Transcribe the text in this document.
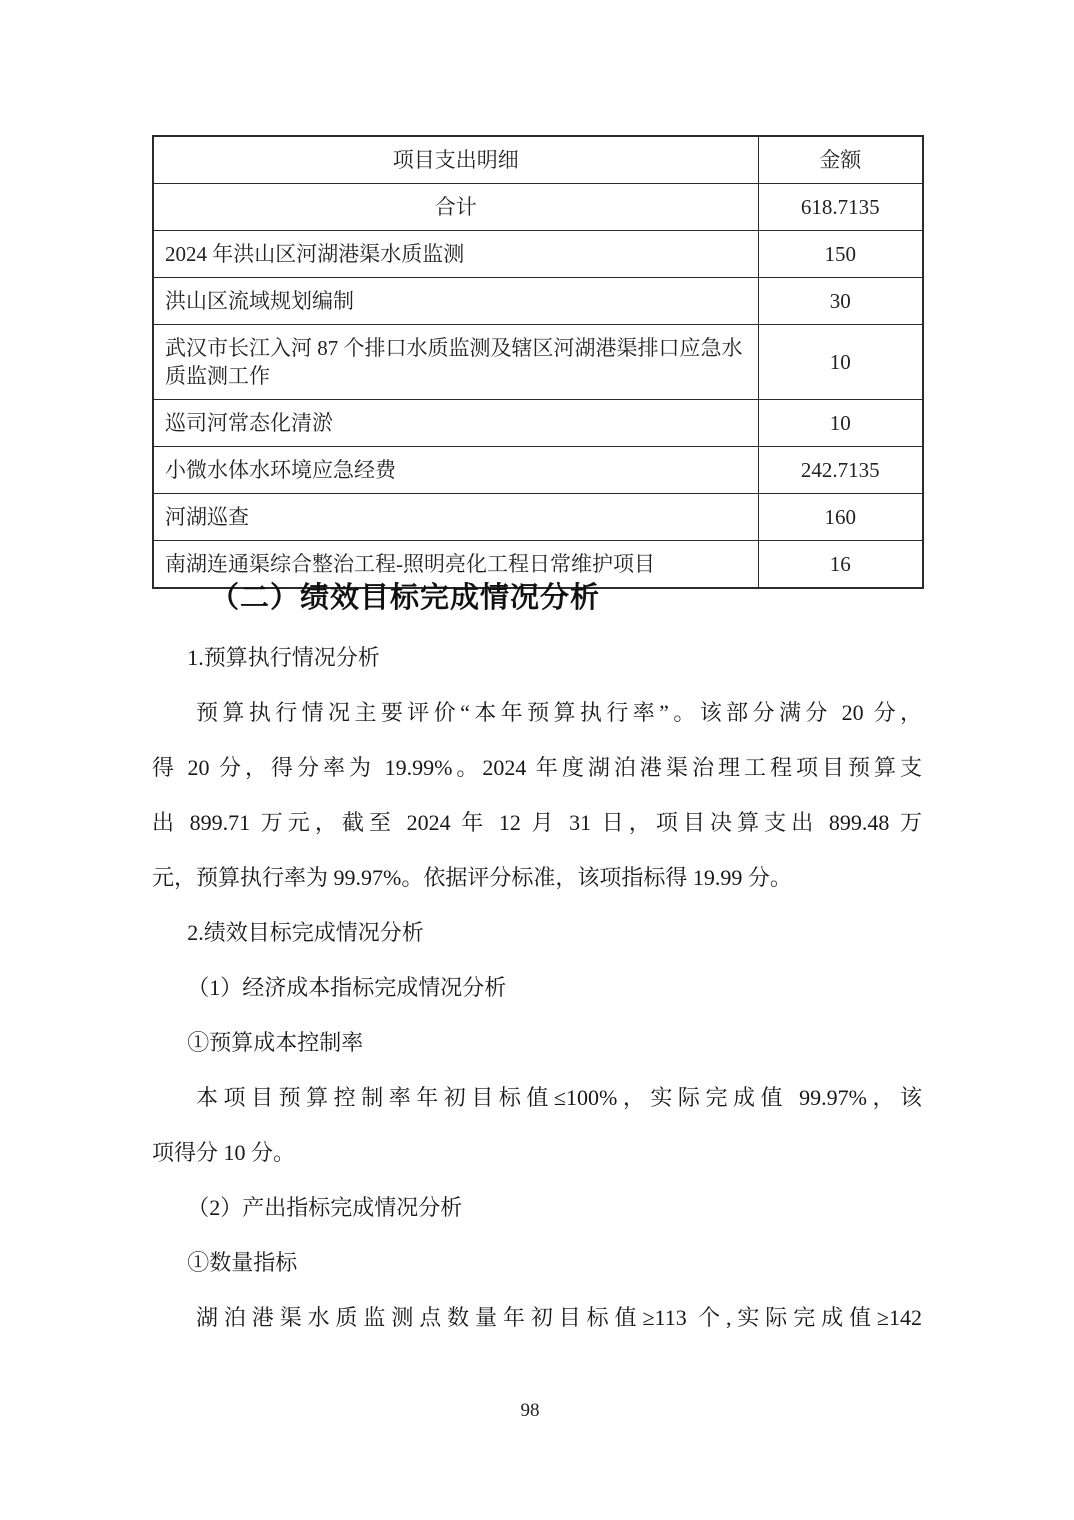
项目支出明细	金额
合计	618.7135
2024 年洪山区河湖港渠水质监测	150
洪山区流域规划编制	30
武汉市长江入河 87 个排口水质监测及辖区河湖港渠排口应急水质监测工作	10
巡司河常态化清淤	10
小微水体水环境应急经费	242.7135
河湖巡查	160
南湖连通渠综合整治工程-照明亮化工程日常维护项目	16
（二）绩效目标完成情况分析
1.预算执行情况分析
预算执行情况主要评价“本年预算执行率”。该部分满分 20 分，
得 20 分，得分率为 19.99%。2024 年度湖泊港渠治理工程项目预算支
出 899.71 万元，截至 2024 年 12 月 31 日，项目决算支出 899.48 万
元，预算执行率为 99.97%。依据评分标准，该项指标得 19.99 分。
2.绩效目标完成情况分析
（1）经济成本指标完成情况分析
①预算成本控制率
本项目预算控制率年初目标值≤100%，实际完成值 99.97%，该
项得分 10 分。
（2）产出指标完成情况分析
①数量指标
湖泊港渠水质监测点数量年初目标值≥113 个,实际完成值≥142
98
